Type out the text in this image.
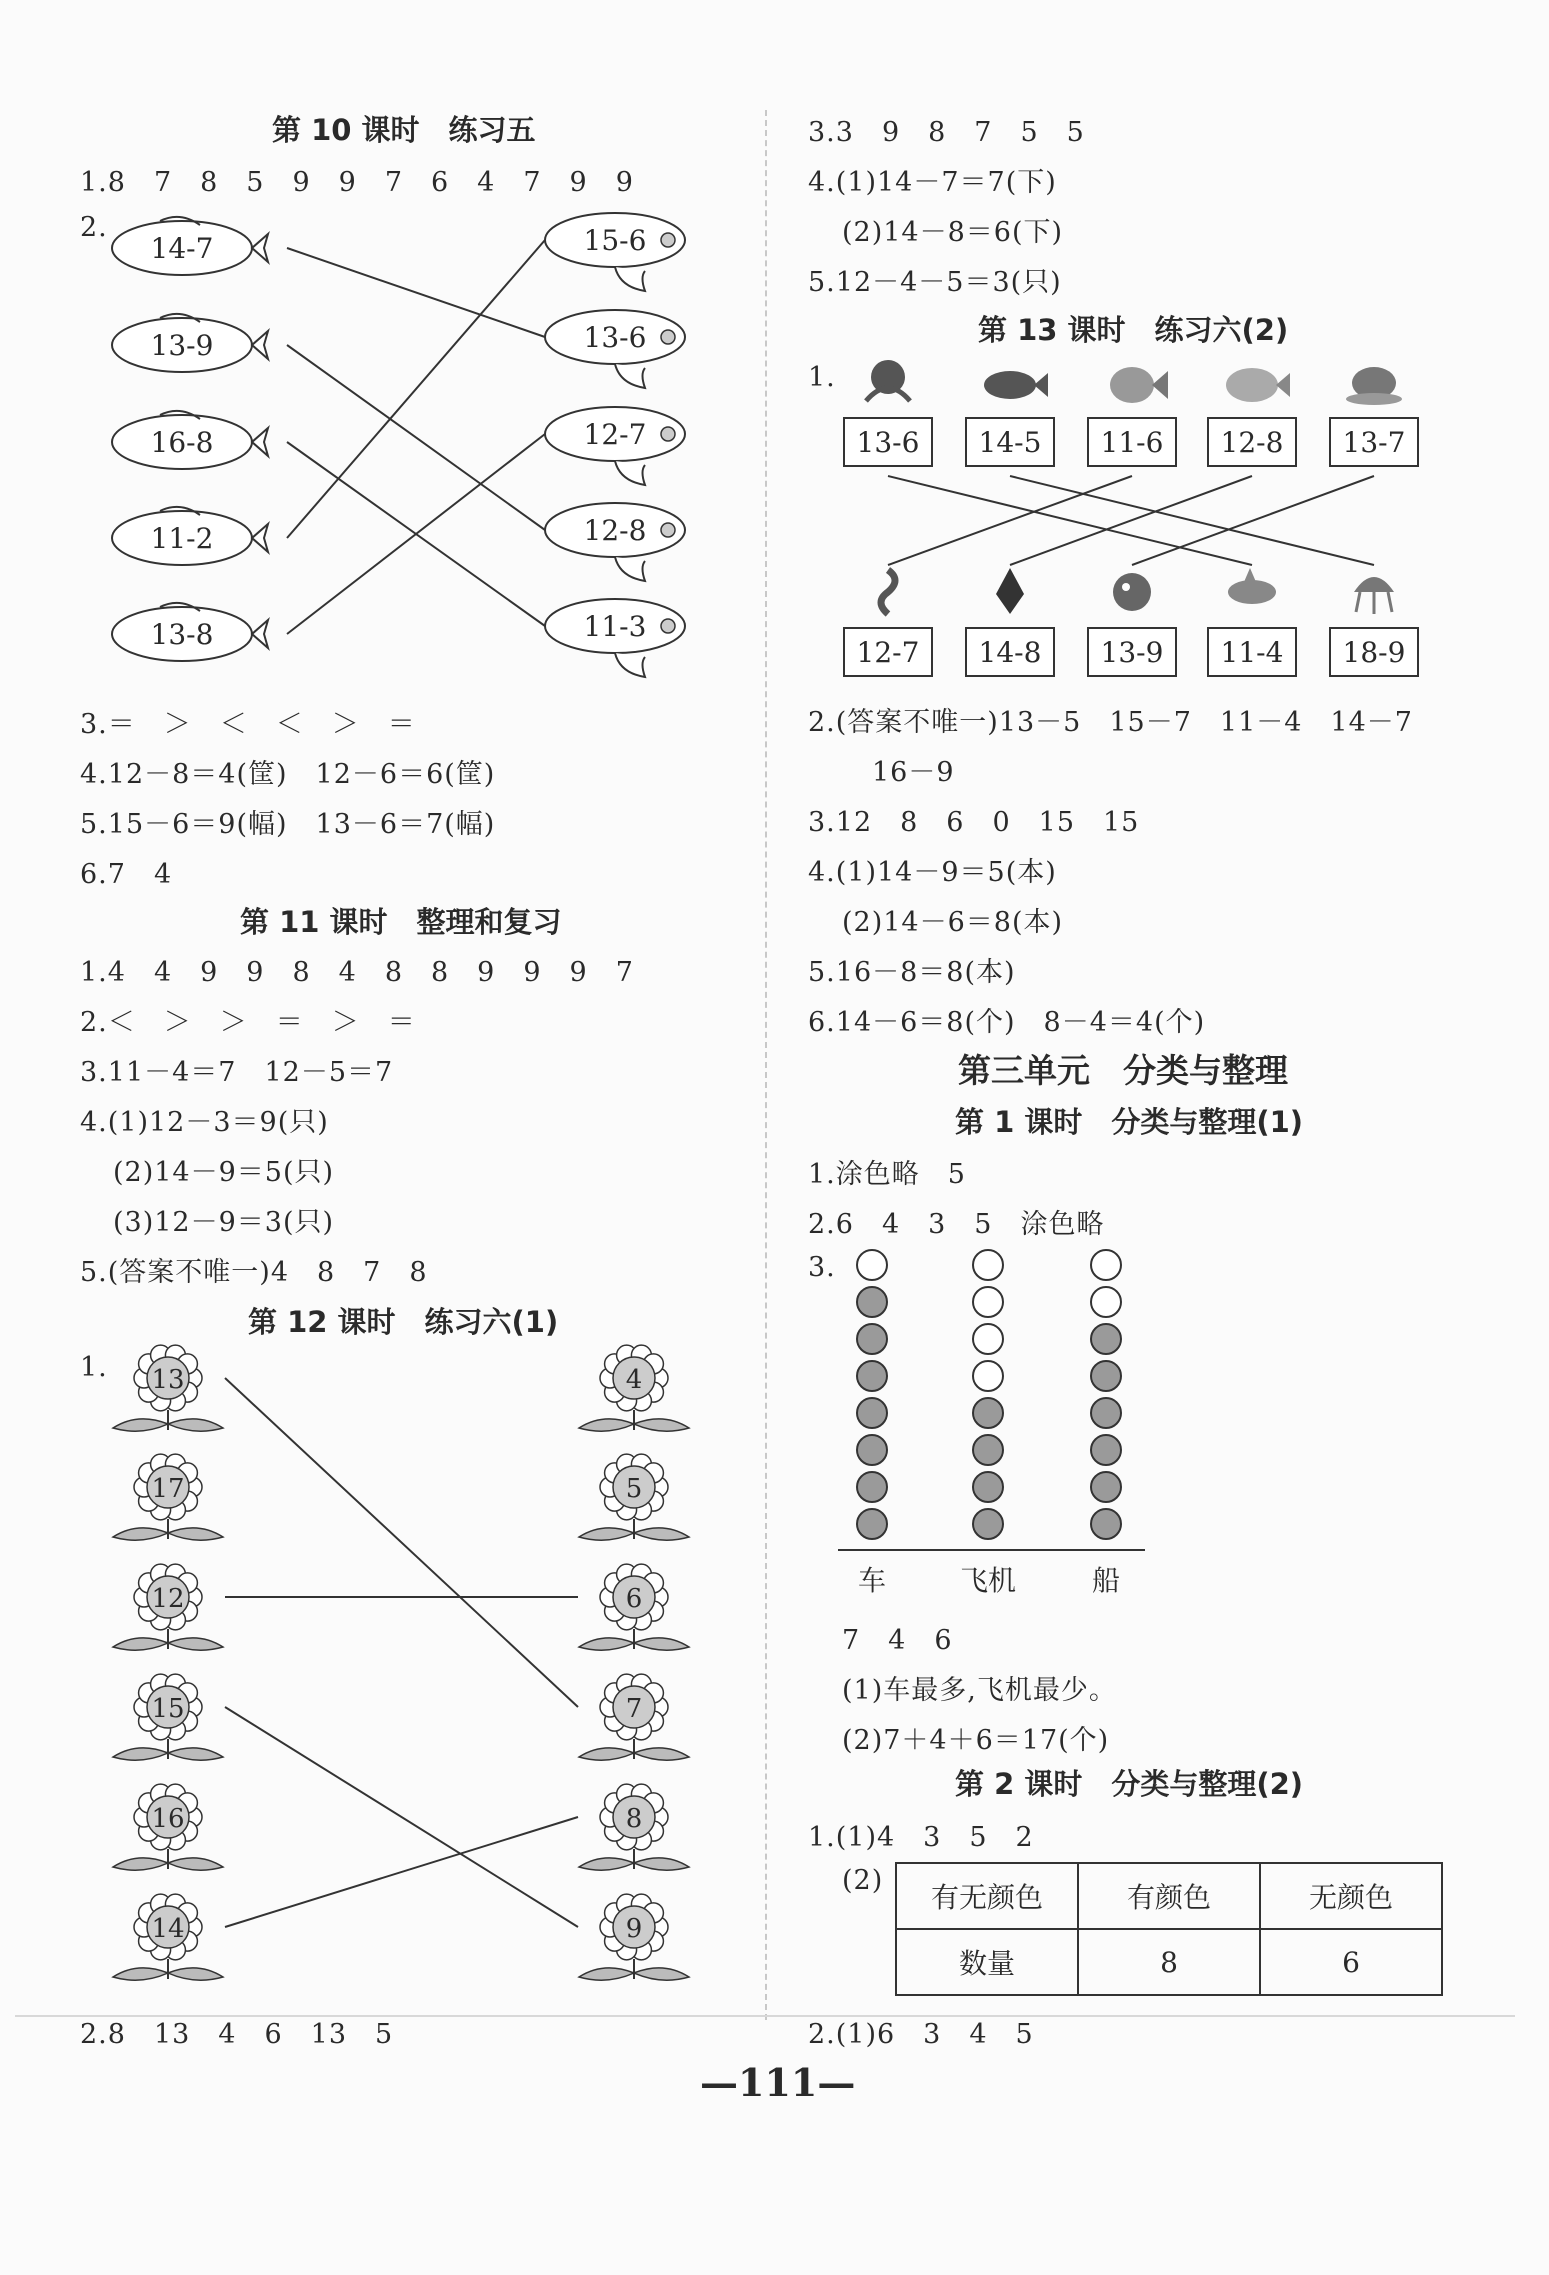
第 10 课时　练习五
1.8　7　8　5　9　9　7　6　4　7　9　9
2.
14-7
13-9
16-8
11-2
13-8
15-6
13-6
12-7
12-8
11-3
13
17
12
15
16
14
4
5
6
7
8
9
13-6 14-5 11-6 12-8 13-7
12-7 14-8 13-9 11-4 18-9
车	飞机	船
3.＝　＞　＜　＜　＞　＝
4.12－8＝4(筐)　12－6＝6(筐)
5.15－6＝9(幅)　13－6＝7(幅)
6.7　4
第 11 课时　整理和复习
1.4　4　9　9　8　4　8　8　9　9　9　7
2.＜　＞　＞　＝　＞　＝
3.11－4＝7　12－5＝7
4.(1)12－3＝9(只)
(2)14－9＝5(只)
(3)12－9＝3(只)
5.(答案不唯一)4　8　7　8
第 12 课时　练习六(1)
1.
2.8　13　4　6　13　5
3.3　9　8　7　5　5
4.(1)14－7＝7(下)
(2)14－8＝6(下)
5.12－4－5＝3(只)
第 13 课时　练习六(2)
1.
2.(答案不唯一)13－5　15－7　11－4　14－7
16－9
3.12　8　6　0　15　15
4.(1)14－9＝5(本)
(2)14－6＝8(本)
5.16－8＝8(本)
6.14－6＝8(个)　8－4＝4(个)
第三单元　分类与整理
第 1 课时　分类与整理(1)
1.涂色略　5
2.6　4　3　5　涂色略
3.
7　4　6
(1)车最多,飞机最少。
(2)7＋4＋6＝17(个)
第 2 课时　分类与整理(2)
1.(1)4　3　5　2
(2)
有无颜色	有颜色	无颜色
数量	8	6
2.(1)6　3　4　5
—111—
